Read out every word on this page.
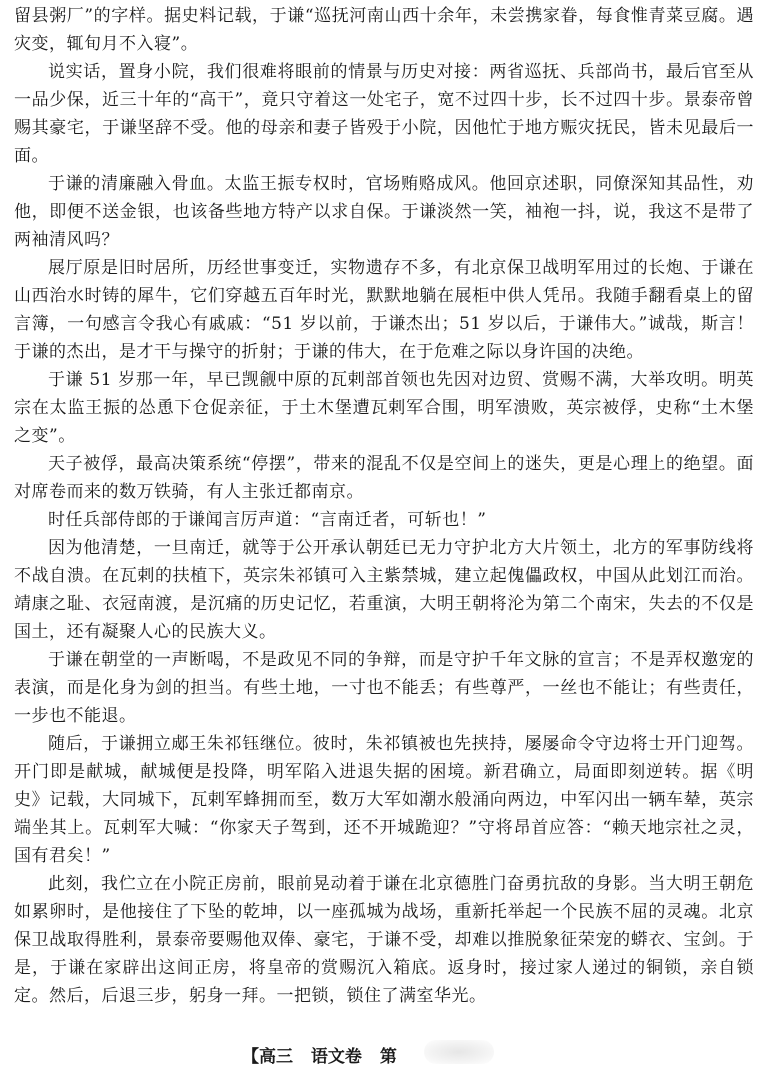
留县粥厂”的字样。据史料记载，于谦“巡抚河南山西十余年，未尝携家眷，每食惟青菜豆腐。遇灾变，辄旬月不入寝”。

说实话，置身小院，我们很难将眼前的情景与历史对接：两省巡抚、兵部尚书，最后官至从一品少保，近三十年的“高干”，竟只守着这一处宅子，宽不过四十步，长不过四十步。景泰帝曾赐其豪宅，于谦坚辞不受。他的母亲和妻子皆殁于小院，因他忙于地方赈灾抚民，皆未见最后一面。

于谦的清廉融入骨血。太监王振专权时，官场贿赂成风。他回京述职，同僚深知其品性，劝他，即便不送金银，也该备些地方特产以求自保。于谦淡然一笑，袖袍一抖，说，我这不是带了两袖清风吗？

展厅原是旧时居所，历经世事变迁，实物遗存不多，有北京保卫战明军用过的长炮、于谦在山西治水时铸的犀牛，它们穿越五百年时光，默默地躺在展柜中供人凭吊。我随手翻看桌上的留言簿，一句感言令我心有戚戚：“51 岁以前，于谦杰出；51 岁以后，于谦伟大。”诚哉，斯言！于谦的杰出，是才干与操守的折射；于谦的伟大，在于危难之际以身许国的决绝。

于谦 51 岁那一年，早已觊觎中原的瓦剌部首领也先因对边贸、赏赐不满，大举攻明。明英宗在太监王振的怂恿下仓促亲征，于土木堡遭瓦剌军合围，明军溃败，英宗被俘，史称“土木堡之变”。

天子被俘，最高决策系统“停摆”，带来的混乱不仅是空间上的迷失，更是心理上的绝望。面对席卷而来的数万铁骑，有人主张迁都南京。

时任兵部侍郎的于谦闻言厉声道：“言南迁者，可斩也！”

因为他清楚，一旦南迁，就等于公开承认朝廷已无力守护北方大片领土，北方的军事防线将不战自溃。在瓦剌的扶植下，英宗朱祁镇可入主紫禁城，建立起傀儡政权，中国从此划江而治。靖康之耻、衣冠南渡，是沉痛的历史记忆，若重演，大明王朝将沦为第二个南宋，失去的不仅是国土，还有凝聚人心的民族大义。

于谦在朝堂的一声断喝，不是政见不同的争辩，而是守护千年文脉的宣言；不是弄权邀宠的表演，而是化身为剑的担当。有些土地，一寸也不能丢；有些尊严，一丝也不能让；有些责任，一步也不能退。

随后，于谦拥立郕王朱祁钰继位。彼时，朱祁镇被也先挟持，屡屡命令守边将士开门迎驾。开门即是献城，献城便是投降，明军陷入进退失据的困境。新君确立，局面即刻逆转。据《明史》记载，大同城下，瓦剌军蜂拥而至，数万大军如潮水般涌向两边，中军闪出一辆车辇，英宗端坐其上。瓦剌军大喊：“你家天子驾到，还不开城跪迎？”守将昂首应答：“赖天地宗社之灵，国有君矣！”

此刻，我伫立在小院正房前，眼前晃动着于谦在北京德胜门奋勇抗敌的身影。当大明王朝危如累卵时，是他接住了下坠的乾坤，以一座孤城为战场，重新托举起一个民族不屈的灵魂。北京保卫战取得胜利，景泰帝要赐他双俸、豪宅，于谦不受，却难以推脱象征荣宠的蟒衣、宝剑。于是，于谦在家辟出这间正房，将皇帝的赏赐沉入箱底。返身时，接过家人递过的铜锁，亲自锁定。然后，后退三步，躬身一拜。一把锁，锁住了满室华光。

【高三 语文卷 第
